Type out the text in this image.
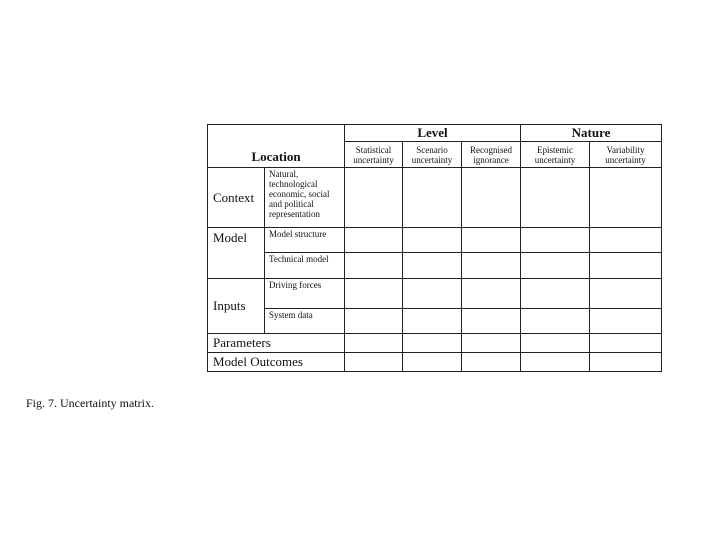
Location		Level			Nature	
		Statistical uncertainty	Scenario uncertainty	Recognised ignorance	Epistemic uncertainty	Variability uncertainty
Context	Natural, technological economic, social and political representation					
Model	Model structure					
	Technical model					
Inputs	Driving forces					
	System data					
Parameters						
Model Outcomes						
Fig. 7. Uncertainty matrix.
